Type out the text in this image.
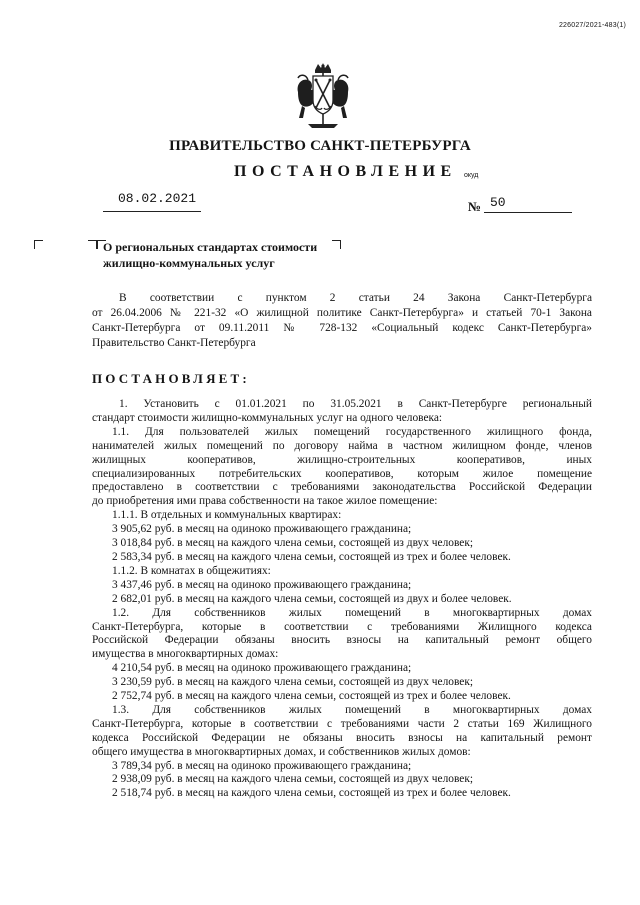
226027/2021-483(1)
ПРАВИТЕЛЬСТВО САНКТ-ПЕТЕРБУРГА
ПОСТАНОВЛЕНИЕ окуд
08.02.2021
№ 50
О региональных стандартах стоимости
жилищно-коммунальных услуг

В соответствии с пунктом 2 статьи 24 Закона Санкт-Петербурга

от 26.04.2006 № 221-32 «О жилищной политике Санкт-Петербурга» и статьей 70-1 Закона

Санкт-Петербурга от 09.11.2011 № 728-132 «Социальный кодекс Санкт-Петербурга»

Правительство Санкт-Петербурга

ПОСТАНОВЛЯЕТ:

1. Установить с 01.01.2021 по 31.05.2021 в Санкт-Петербурге региональный

стандарт стоимости жилищно-коммунальных услуг на одного человека:

1.1. Для пользователей жилых помещений государственного жилищного фонда,

нанимателей жилых помещений по договору найма в частном жилищном фонде, членов

жилищных кооперативов, жилищно-строительных кооперативов, иных

специализированных потребительских кооперативов, которым жилое помещение

предоставлено в соответствии с требованиями законодательства Российской Федерации

до приобретения ими права собственности на такое жилое помещение:

1.1.1. В отдельных и коммунальных квартирах:

3 905,62 руб. в месяц на одиноко проживающего гражданина;

3 018,84 руб. в месяц на каждого члена семьи, состоящей из двух человек;

2 583,34 руб. в месяц на каждого члена семьи, состоящей из трех и более человек.

1.1.2. В комнатах в общежитиях:

3 437,46 руб. в месяц на одиноко проживающего гражданина;

2 682,01 руб. в месяц на каждого члена семьи, состоящей из двух и более человек.

1.2. Для собственников жилых помещений в многоквартирных домах

Санкт-Петербурга, которые в соответствии с требованиями Жилищного кодекса

Российской Федерации обязаны вносить взносы на капитальный ремонт общего

имущества в многоквартирных домах:

4 210,54 руб. в месяц на одиноко проживающего гражданина;

3 230,59 руб. в месяц на каждого члена семьи, состоящей из двух человек;

2 752,74 руб. в месяц на каждого члена семьи, состоящей из трех и более человек.

1.3. Для собственников жилых помещений в многоквартирных домах

Санкт-Петербурга, которые в соответствии с требованиями части 2 статьи 169 Жилищного

кодекса Российской Федерации не обязаны вносить взносы на капитальный ремонт

общего имущества в многоквартирных домах, и собственников жилых домов:

3 789,34 руб. в месяц на одиноко проживающего гражданина;

2 938,09 руб. в месяц на каждого члена семьи, состоящей из двух человек;

2 518,74 руб. в месяц на каждого члена семьи, состоящей из трех и более человек.
